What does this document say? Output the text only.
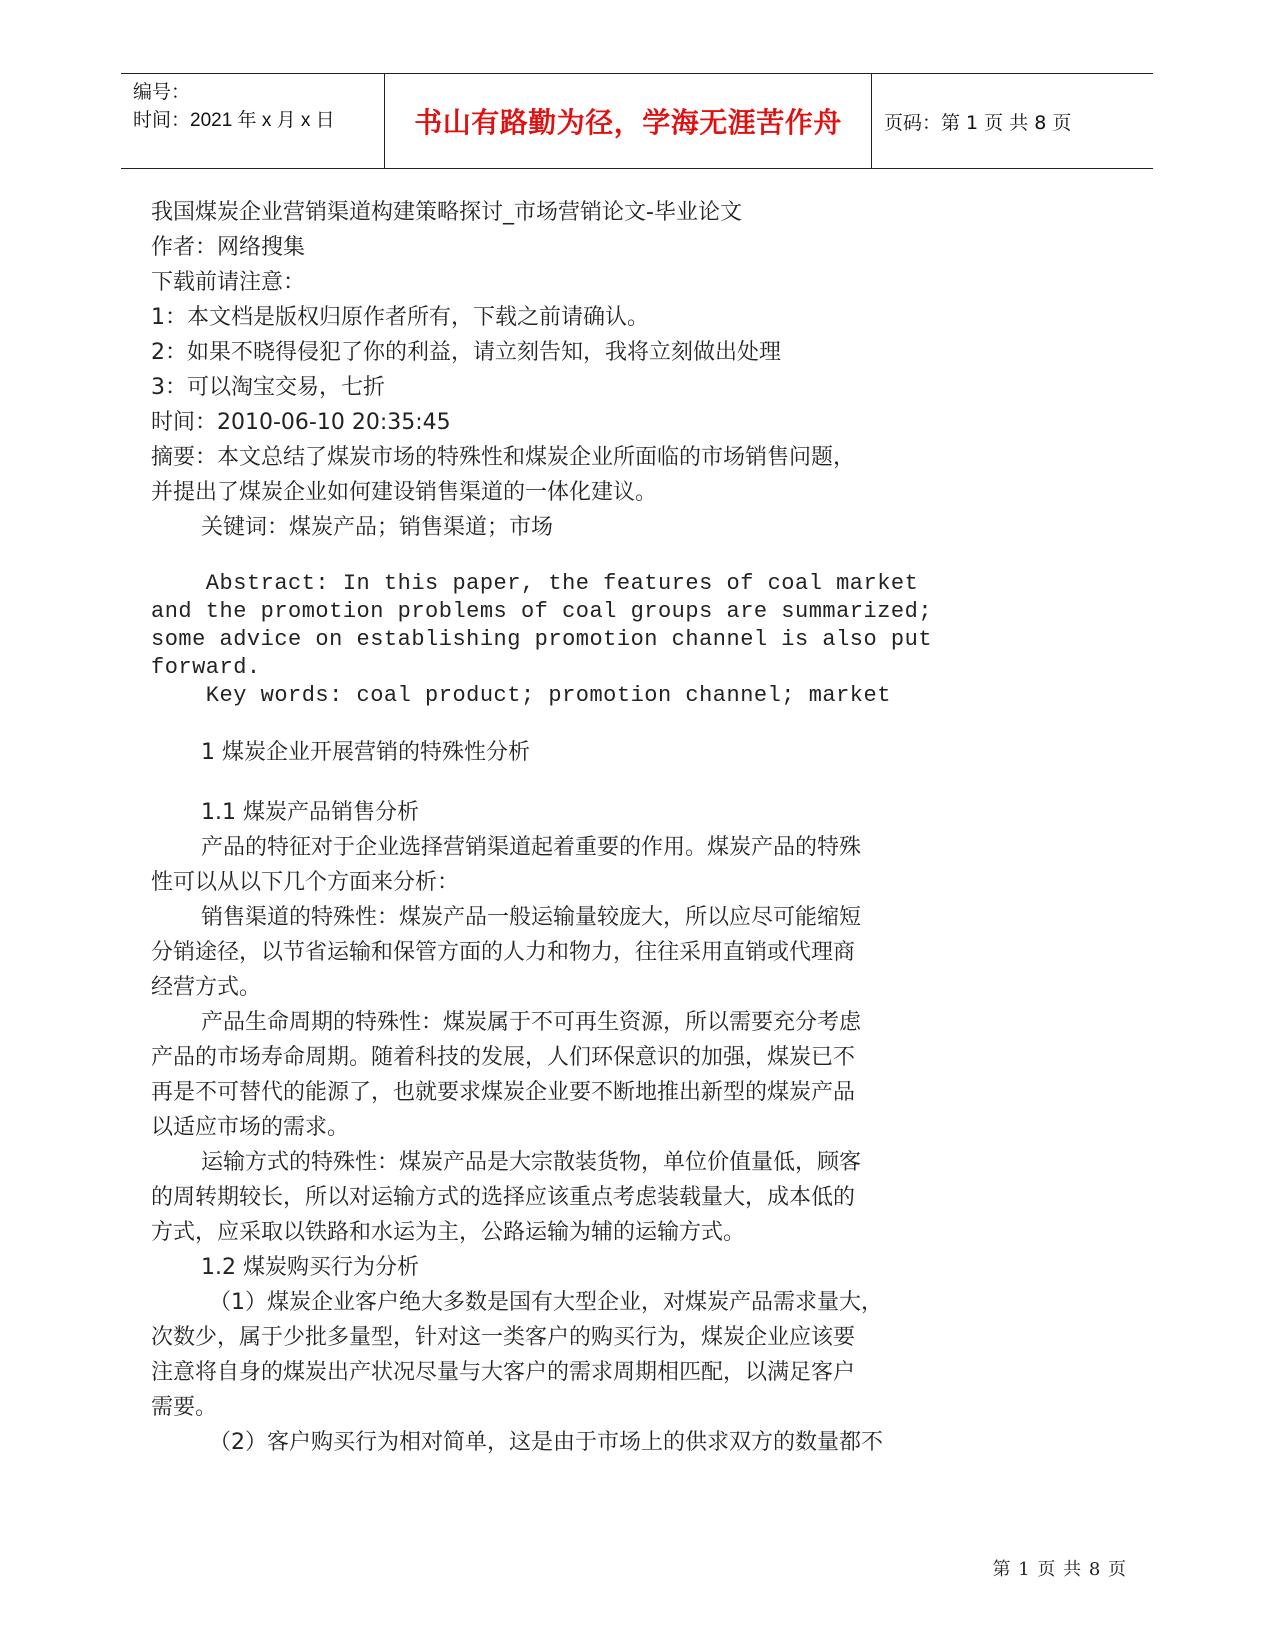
编号：
时间：2021 年 x 月 x 日	书山有路勤为径，学海无涯苦作舟	页码：第 1 页 共 8 页
我国煤炭企业营销渠道构建策略探讨_市场营销论文-毕业论文
作者：网络搜集
下载前请注意：
1：本文档是版权归原作者所有，下载之前请确认。
2：如果不晓得侵犯了你的利益，请立刻告知，我将立刻做出处理
3：可以淘宝交易，七折
时间：2010-06-10 20:35:45
摘要：本文总结了煤炭市场的特殊性和煤炭企业所面临的市场销售问题，
并提出了煤炭企业如何建设销售渠道的一体化建议。
关键词：煤炭产品；销售渠道；市场
Abstract: In this paper, the features of coal market
and the promotion problems of coal groups are summarized;
some advice on establishing promotion channel is also put
forward.
Key words: coal product; promotion channel; market
1 煤炭企业开展营销的特殊性分析
1.1 煤炭产品销售分析
产品的特征对于企业选择营销渠道起着重要的作用。煤炭产品的特殊
性可以从以下几个方面来分析：
销售渠道的特殊性：煤炭产品一般运输量较庞大，所以应尽可能缩短
分销途径，以节省运输和保管方面的人力和物力，往往采用直销或代理商
经营方式。
产品生命周期的特殊性：煤炭属于不可再生资源，所以需要充分考虑
产品的市场寿命周期。随着科技的发展，人们环保意识的加强，煤炭已不
再是不可替代的能源了，也就要求煤炭企业要不断地推出新型的煤炭产品
以适应市场的需求。
运输方式的特殊性：煤炭产品是大宗散装货物，单位价值量低，顾客
的周转期较长，所以对运输方式的选择应该重点考虑装载量大，成本低的
方式，应采取以铁路和水运为主，公路运输为辅的运输方式。
1.2 煤炭购买行为分析
（1）煤炭企业客户绝大多数是国有大型企业，对煤炭产品需求量大，
次数少，属于少批多量型，针对这一类客户的购买行为，煤炭企业应该要
注意将自身的煤炭出产状况尽量与大客户的需求周期相匹配，以满足客户
需要。
（2）客户购买行为相对简单，这是由于市场上的供求双方的数量都不
第 1 页 共 8 页
